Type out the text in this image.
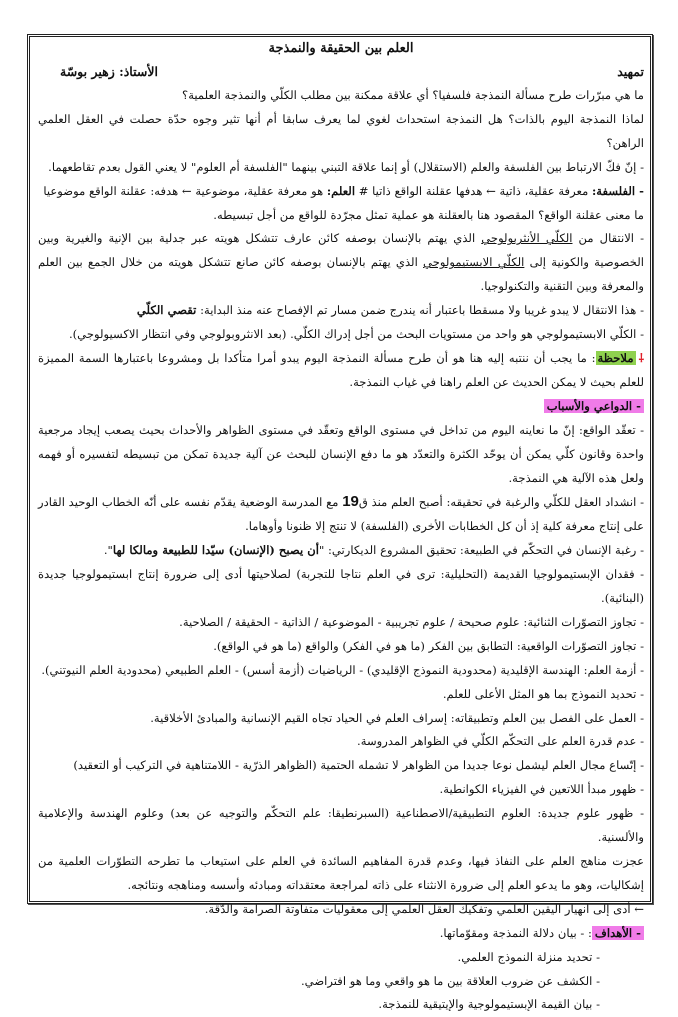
العلم بين الحقيقة والنمذجة
تمهيد
الأستاذ: زهير بوسّة

ما هي مبرّرات طرح مسألة النمذجة فلسفيا؟ أي علاقة ممكنة بين مطلب الكلّي والنمذجة العلمية؟

لماذا النمذجة اليوم بالذات؟ هل النمذجة استحداث لغوي لما يعرف سابقا أم أنها تثير وجوه حدّة حصلت في العقل العلمي الراهن؟

- إنّ فكّ الارتباط بين الفلسفة والعلم (الاستقلال) أو إنما علاقة التبني بينهما "الفلسفة أم العلوم" لا يعني القول بعدم تقاطعهما.

- الفلسفة: معرفة عقلية، ذاتية ← هدفها عقلنة الواقع ذاتيا # العلم: هو معرفة عقلية، موضوعية ← هدفه: عقلنة الواقع موضوعيا

ما معنى عقلنة الواقع؟ المقصود هنا بالعقلنة هو عملية تمثل مجرّدة للواقع من أجل تبسيطه.

- الانتقال من الكلّي الأنثربولوجي الذي يهتم بالإنسان بوصفه كائن عارف تتشكل هويته عبر جدلية بين الإنية والغيرية وبين الخصوصية والكونية إلى الكلّي الابستيمولوجي الذي يهتم بالإنسان بوصفه كائن صانع تتشكل هويته من خلال الجمع بين العلم والمعرفة وبين التقنية والتكنولوجيا.

- هذا الانتقال لا يبدو غريبا ولا مسقطا باعتبار أنه يندرج ضمن مسار تم الإفصاح عنه منذ البداية: تقصي الكلّي

- الكلّي الابستيمولوجي هو واحد من مستويات البحث من أجل إدراك الكلّي. (بعد الانثروبولوجي وفي انتظار الاكسيولوجي).

⸸ملاحظة: ما يجب أن ننتبه إليه هنا هو أن طرح مسألة النمذجة اليوم يبدو أمرا متأكدا بل ومشروعا باعتبارها السمة المميزة للعلم بحيث لا يمكن الحديث عن العلم راهنا في غياب النمذجة.

- الدواعي والأسباب

- تعقّد الواقع: إنّ ما نعاينه اليوم من تداخل في مستوى الواقع وتعقّد في مستوى الظواهر والأحداث بحيث يصعب إيجاد مرجعية واحدة وقانون كلّي يمكن أن يوحّد الكثرة والتعدّد هو ما دفع الإنسان للبحث عن آلية جديدة تمكن من تبسيطه لتفسيره أو فهمه ولعل هذه الآلية هي النمذجة.

- انشداد العقل للكلّي والرغبة في تحقيقه: أصبح العلم منذ ق19 مع المدرسة الوضعية يقدّم نفسه على أنّه الخطاب الوحيد القادر على إنتاج معرفة كلية إذ أن كل الخطابات الأخرى (الفلسفة) لا تنتج إلا ظنونا وأوهاما.

- رغبة الإنسان في التحكّم في الطبيعة: تحقيق المشروع الديكارتي: "أن يصبح (الإنسان) سيّدا للطبيعة ومالكا لها".

- فقدان الإبستيمولوجيا القديمة (التحليلية: ترى في العلم نتاجا للتجربة) لصلاحيتها أدى إلى ضرورة إنتاج ابستيمولوجيا جديدة (البنائية).

- تجاوز التصوّرات الثنائية: علوم صحيحة / علوم تجريبية - الموضوعية / الذاتية - الحقيقة / الصلاحية.

- تجاوز التصوّرات الواقعية: التطابق بين الفكر (ما هو في الفكر) والواقع (ما هو في الواقع).

- أزمة العلم: الهندسة الإقليدية (محدودية النموذج الإقليدي) - الرياضيات (أزمة أسس) - العلم الطبيعي (محدودية العلم النيوتني).

- تحديد النموذج بما هو المثل الأعلى للعلم.

- العمل على الفصل بين العلم وتطبيقاته: إسراف العلم في الحياد تجاه القيم الإنسانية والمبادئ الأخلاقية.

- عدم قدرة العلم على التحكّم الكلّي في الظواهر المدروسة.

- إتّساع مجال العلم ليشمل نوعا جديدا من الظواهر لا تشمله الحتمية (الظواهر الذرّية - اللامتناهية في التركيب أو التعقيد)

- ظهور مبدأ اللاتعين في الفيزياء الكوانطية.

- ظهور علوم جديدة: العلوم التطبيقية/الاصطناعية (السبرنطيقا: علم التحكّم والتوجيه عن بعد) وعلوم الهندسة والإعلامية والألسنية.

عجزت مناهج العلم على النفاذ فيها، وعدم قدرة المفاهيم السائدة في العلم على استيعاب ما تطرحه التطوّرات العلمية من إشكاليات، وهو ما يدعو العلم إلى ضرورة الانثناء على ذاته لمراجعة معتقداته ومبادئه وأسسه ومناهجه ونتائجه.

← أدى إلى انهيار اليقين العلمي وتفكيك العقل العلمي إلى معقوليات متفاوتة الصرامة والدّقة.

- الأهداف: - بيان دلالة النمذجة ومقوّماتها.

- تحديد منزلة النموذج العلمي.

- الكشف عن ضروب العلاقة بين ما هو واقعي وما هو افتراضي.

- بيان القيمة الإبستيمولوجية والإيتيقية للنمذجة.
